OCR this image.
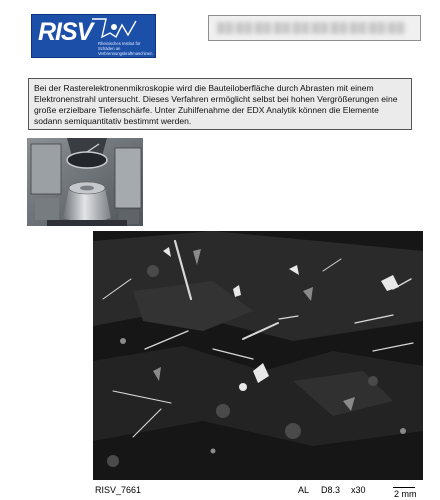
RISV Rheinisches Institut für Schäden an Verbrennungskraftmaschinen
Bei der Rasterelektronenmikroskopie wird die Bauteiloberfläche durch Abrasten mit einem Elektronenstrahl untersucht. Dieses Verfahren ermöglicht selbst bei hohen Vergrößerungen eine große erzielbare Tiefenschärfe. Unter Zuhilfenahme der EDX Analytik können die Elemente sodann semiquantitativ bestimmt werden.
RISV_7661	AL D8.3 x30	2 mm
